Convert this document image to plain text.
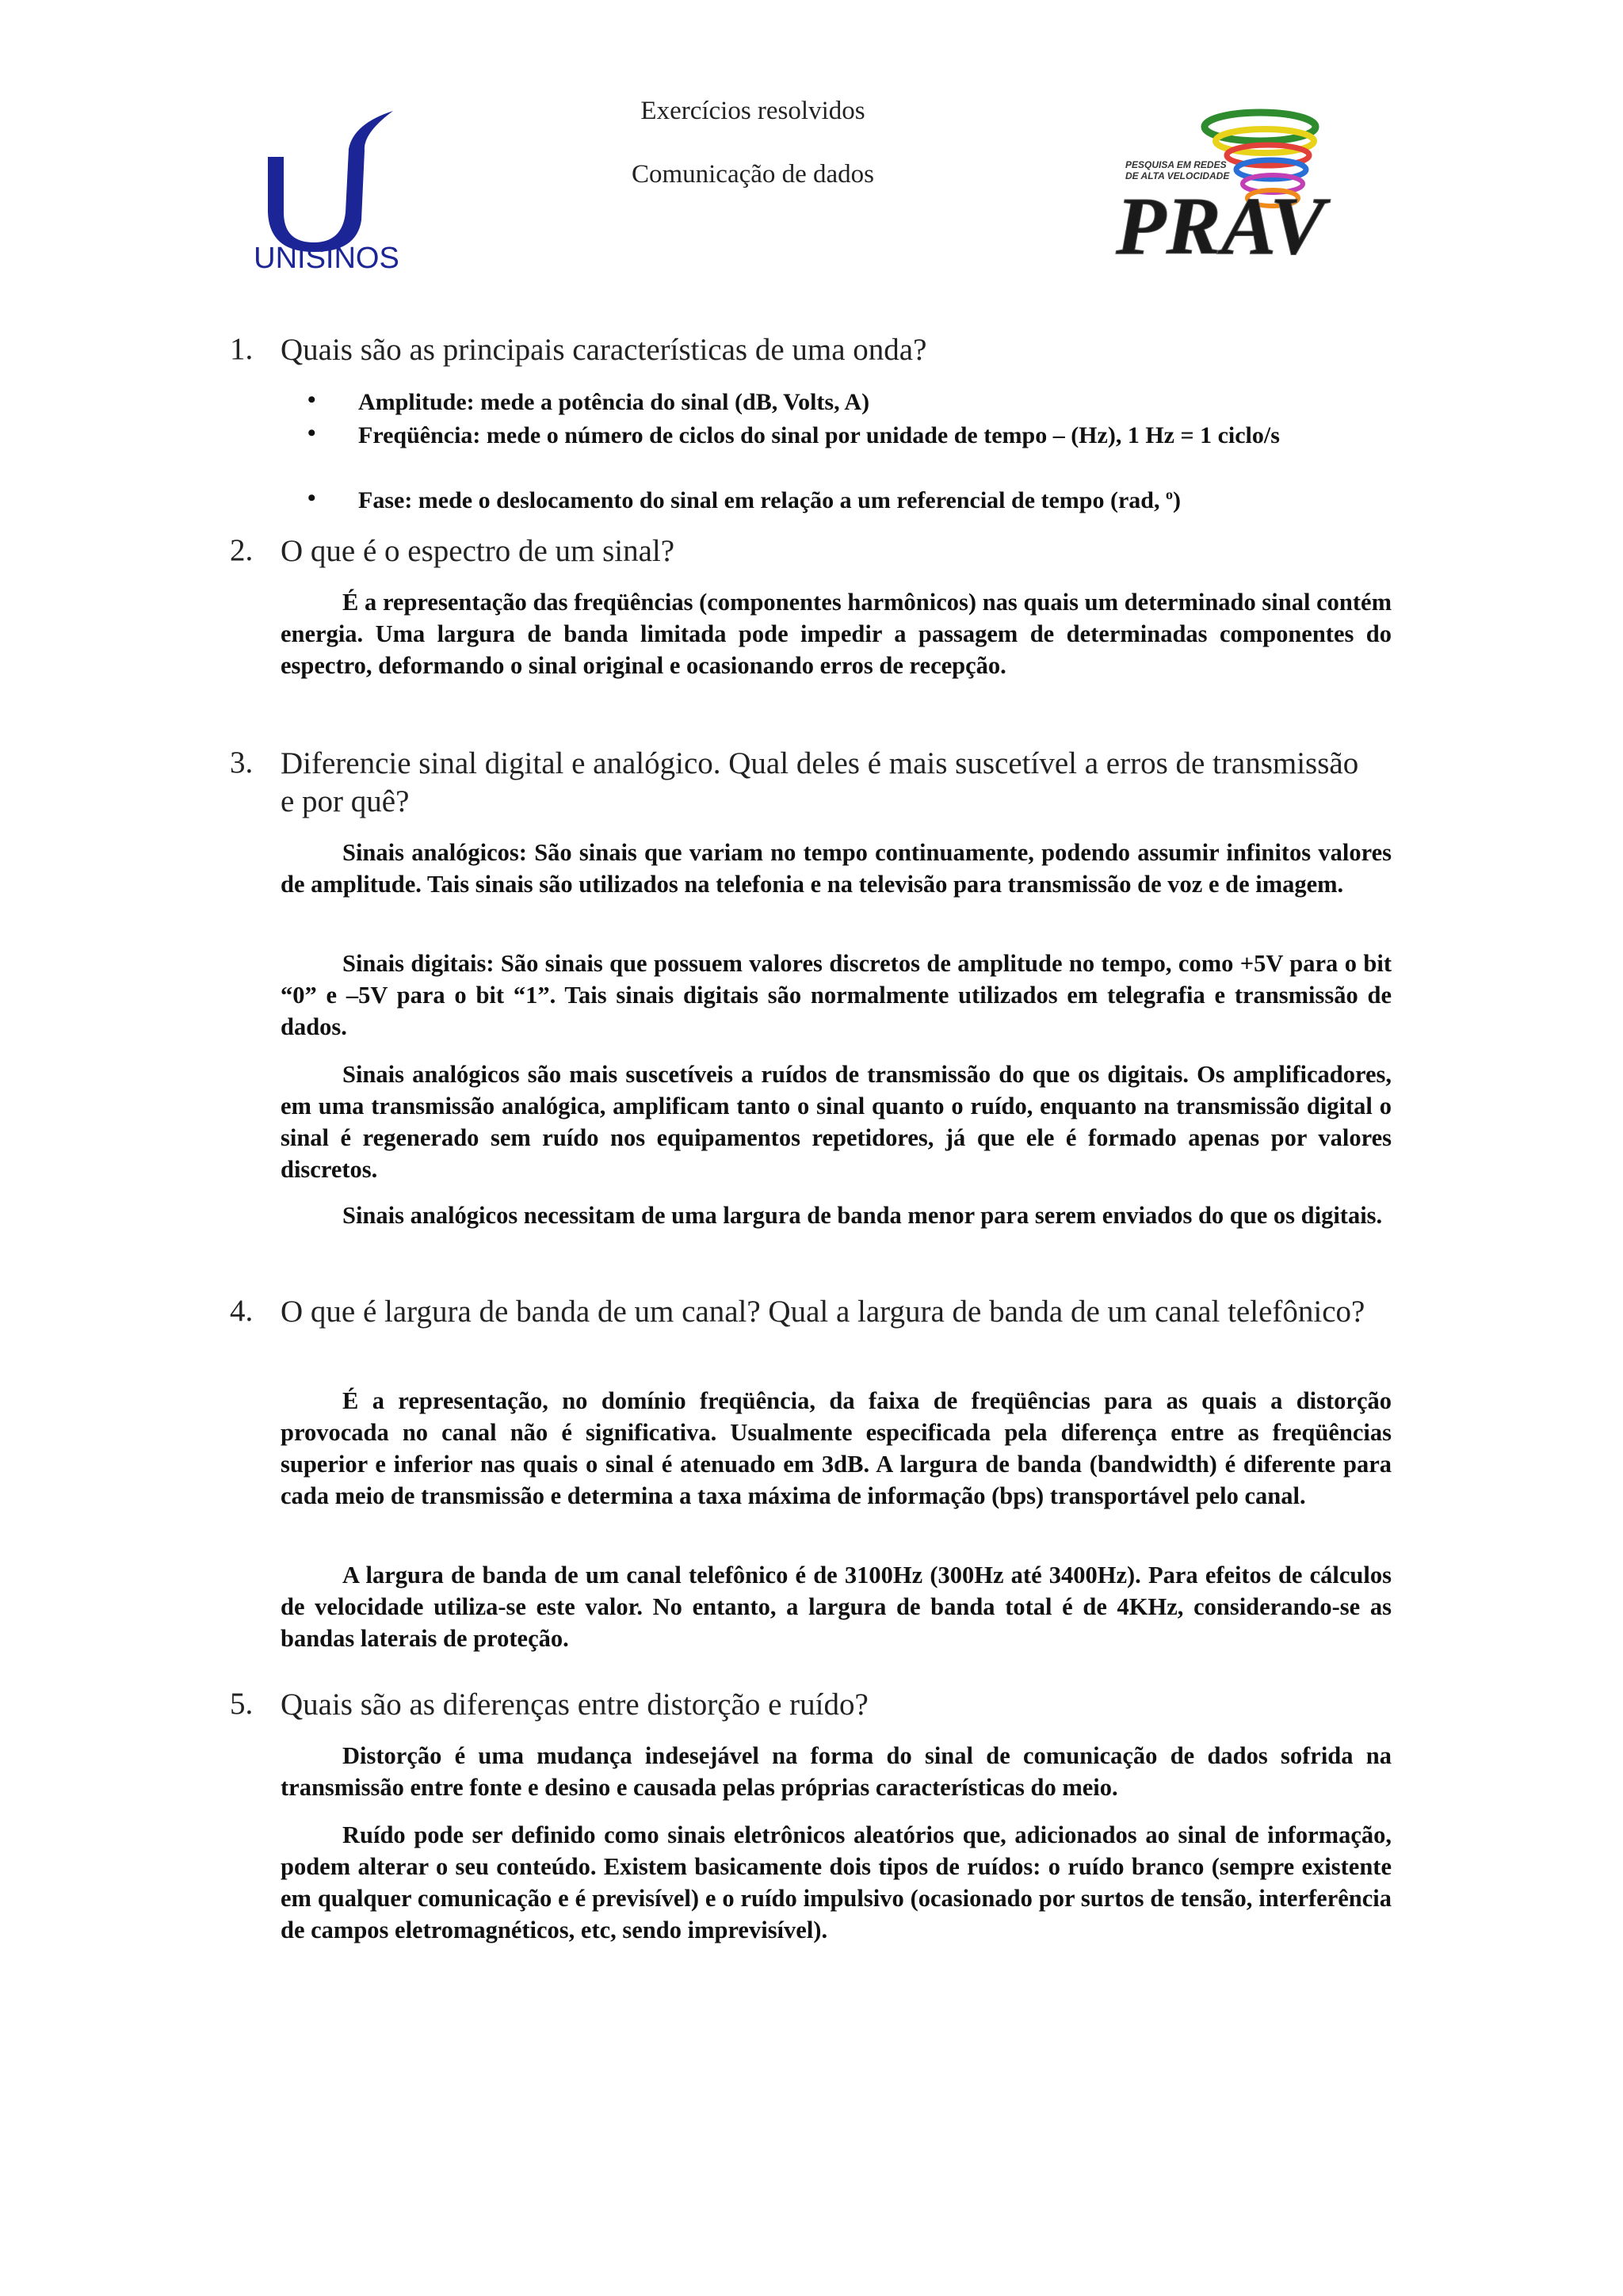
Exercícios resolvidos
Comunicação de dados
UNISINOS
PESQUISA EM REDES
DE ALTA VELOCIDADE
PRAV
1. Quais são as principais características de uma onda?
• Amplitude: mede a potência do sinal (dB, Volts, A)
• Freqüência: mede o número de ciclos do sinal por unidade de tempo – (Hz), 1 Hz = 1 ciclo/s
• Fase: mede o deslocamento do sinal em relação a um referencial de tempo (rad, $^o$)
2. O que é o espectro de um sinal?

É a representação das freqüências (componentes harmônicos) nas quais um determinado sinal contém energia. Uma largura de banda limitada pode impedir a passagem de determinadas componentes do espectro, deformando o sinal original e ocasionando erros de recepção.

3. Diferencie sinal digital e analógico. Qual deles é mais suscetível a erros de transmissão e por quê?

Sinais analógicos: São sinais que variam no tempo continuamente, podendo assumir infinitos valores de amplitude. Tais sinais são utilizados na telefonia e na televisão para transmissão de voz e de imagem.

Sinais digitais: São sinais que possuem valores discretos de amplitude no tempo, como +5V para o bit “0” e –5V para o bit “1”. Tais sinais digitais são normalmente utilizados em telegrafia e transmissão de dados.

Sinais analógicos são mais suscetíveis a ruídos de transmissão do que os digitais. Os amplificadores, em uma transmissão analógica, amplificam tanto o sinal quanto o ruído, enquanto na transmissão digital o sinal é regenerado sem ruído nos equipamentos repetidores, já que ele é formado apenas por valores discretos.

Sinais analógicos necessitam de uma largura de banda menor para serem enviados do que os digitais.

4. O que é largura de banda de um canal? Qual a largura de banda de um canal telefônico?

É a representação, no domínio freqüência, da faixa de freqüências para as quais a distorção provocada no canal não é significativa. Usualmente especificada pela diferença entre as freqüências superior e inferior nas quais o sinal é atenuado em 3dB. A largura de banda (bandwidth) é diferente para cada meio de transmissão e determina a taxa máxima de informação (bps) transportável pelo canal.

A largura de banda de um canal telefônico é de 3100Hz (300Hz até 3400Hz). Para efeitos de cálculos de velocidade utiliza-se este valor. No entanto, a largura de banda total é de 4KHz, considerando-se as bandas laterais de proteção.

5. Quais são as diferenças entre distorção e ruído?

Distorção é uma mudança indesejável na forma do sinal de comunicação de dados sofrida na transmissão entre fonte e desino e causada pelas próprias características do meio.

Ruído pode ser definido como sinais eletrônicos aleatórios que, adicionados ao sinal de informação, podem alterar o seu conteúdo. Existem basicamente dois tipos de ruídos: o ruído branco (sempre existente em qualquer comunicação e é previsível) e o ruído impulsivo (ocasionado por surtos de tensão, interferência de campos eletromagnéticos, etc, sendo imprevisível).
